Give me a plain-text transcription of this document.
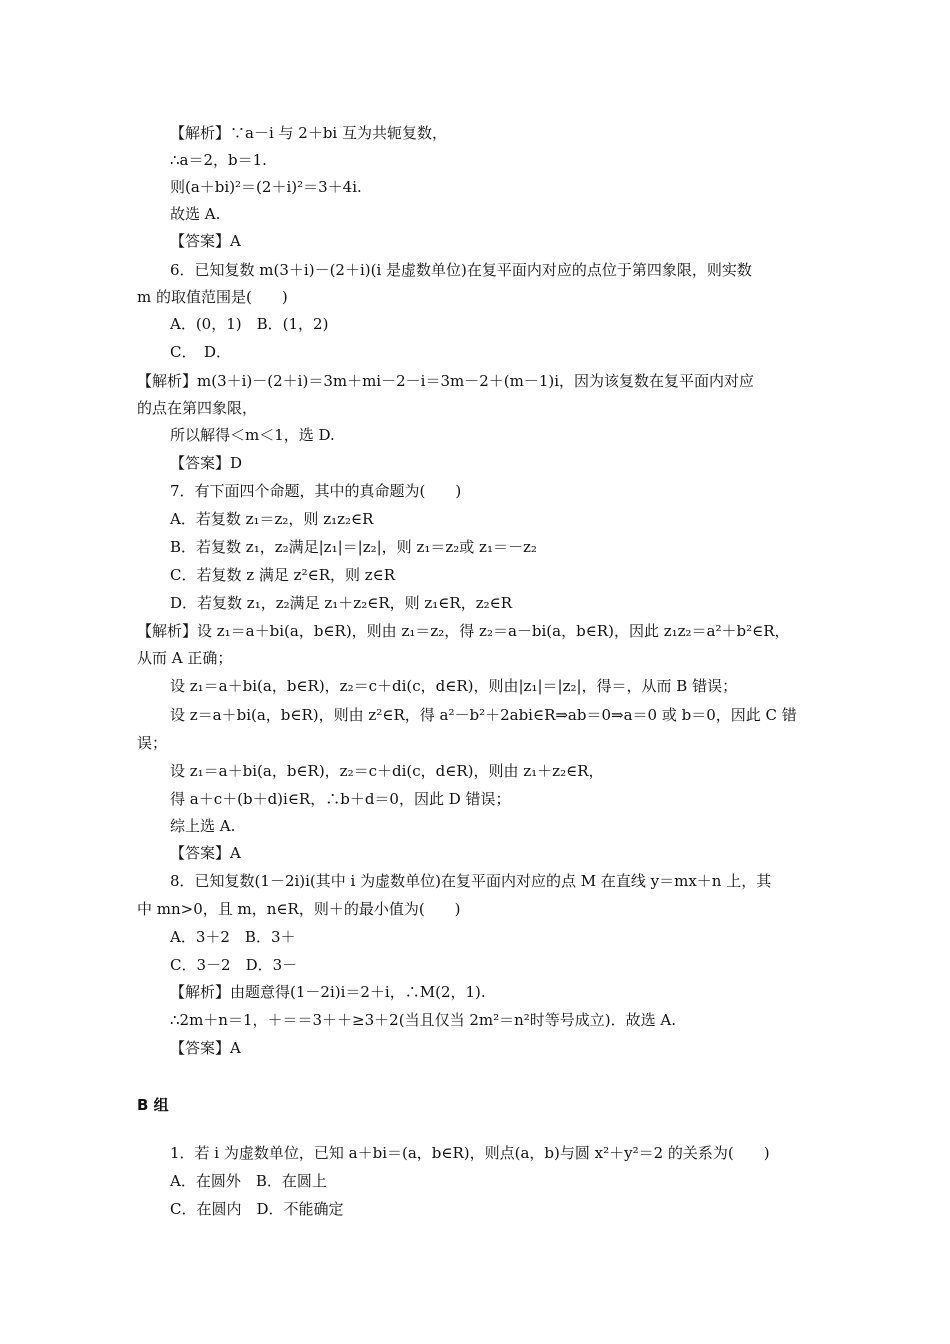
【解析】∵a－i 与 2＋bi 互为共轭复数，
∴a＝2，b＝1.
则(a＋bi)²＝(2＋i)²＝3＋4i.
故选 A.
【答案】A
6．已知复数 m(3＋i)－(2＋i)(i 是虚数单位)在复平面内对应的点位于第四象限，则实数
m 的取值范围是(　　)
A．(0，1)　B．(1，2)
C．　D．
【解析】m(3＋i)－(2＋i)＝3m＋mi－2－i＝3m－2＋(m－1)i，因为该复数在复平面内对应
的点在第四象限，
所以解得＜m＜1，选 D.
【答案】D
7．有下面四个命题，其中的真命题为(　　)
A．若复数 z₁＝z₂，则 z₁z₂∈R
B．若复数 z₁，z₂满足|z₁|＝|z₂|，则 z₁＝z₂或 z₁＝－z₂
C．若复数 z 满足 z²∈R，则 z∈R
D．若复数 z₁，z₂满足 z₁＋z₂∈R，则 z₁∈R，z₂∈R
【解析】设 z₁＝a＋bi(a，b∈R)，则由 z₁＝z₂，得 z₂＝a－bi(a，b∈R)，因此 z₁z₂＝a²＋b²∈R，
从而 A 正确；
设 z₁＝a＋bi(a，b∈R)，z₂＝c＋di(c，d∈R)，则由|z₁|＝|z₂|，得＝，从而 B 错误；
设 z＝a＋bi(a，b∈R)，则由 z²∈R，得 a²－b²＋2abi∈R⇒ab＝0⇒a＝0 或 b＝0，因此 C 错
误；
设 z₁＝a＋bi(a，b∈R)，z₂＝c＋di(c，d∈R)，则由 z₁＋z₂∈R，
得 a＋c＋(b＋d)i∈R，∴b＋d＝0，因此 D 错误；
综上选 A.
【答案】A
8．已知复数(1－2i)i(其中 i 为虚数单位)在复平面内对应的点 M 在直线 y＝mx＋n 上，其
中 mn>0，且 m，n∈R，则＋的最小值为(　　)
A．3＋2　B．3＋
C．3－2　D．3－
【解析】由题意得(1－2i)i＝2＋i，∴M(2，1).
∴2m＋n＝1，＋＝＝3＋＋≥3＋2(当且仅当 2m²＝n²时等号成立)．故选 A.
【答案】A
B 组
1．若 i 为虚数单位，已知 a＋bi＝(a，b∈R)，则点(a，b)与圆 x²＋y²＝2 的关系为(　　)
A．在圆外　B．在圆上
C．在圆内　D．不能确定
